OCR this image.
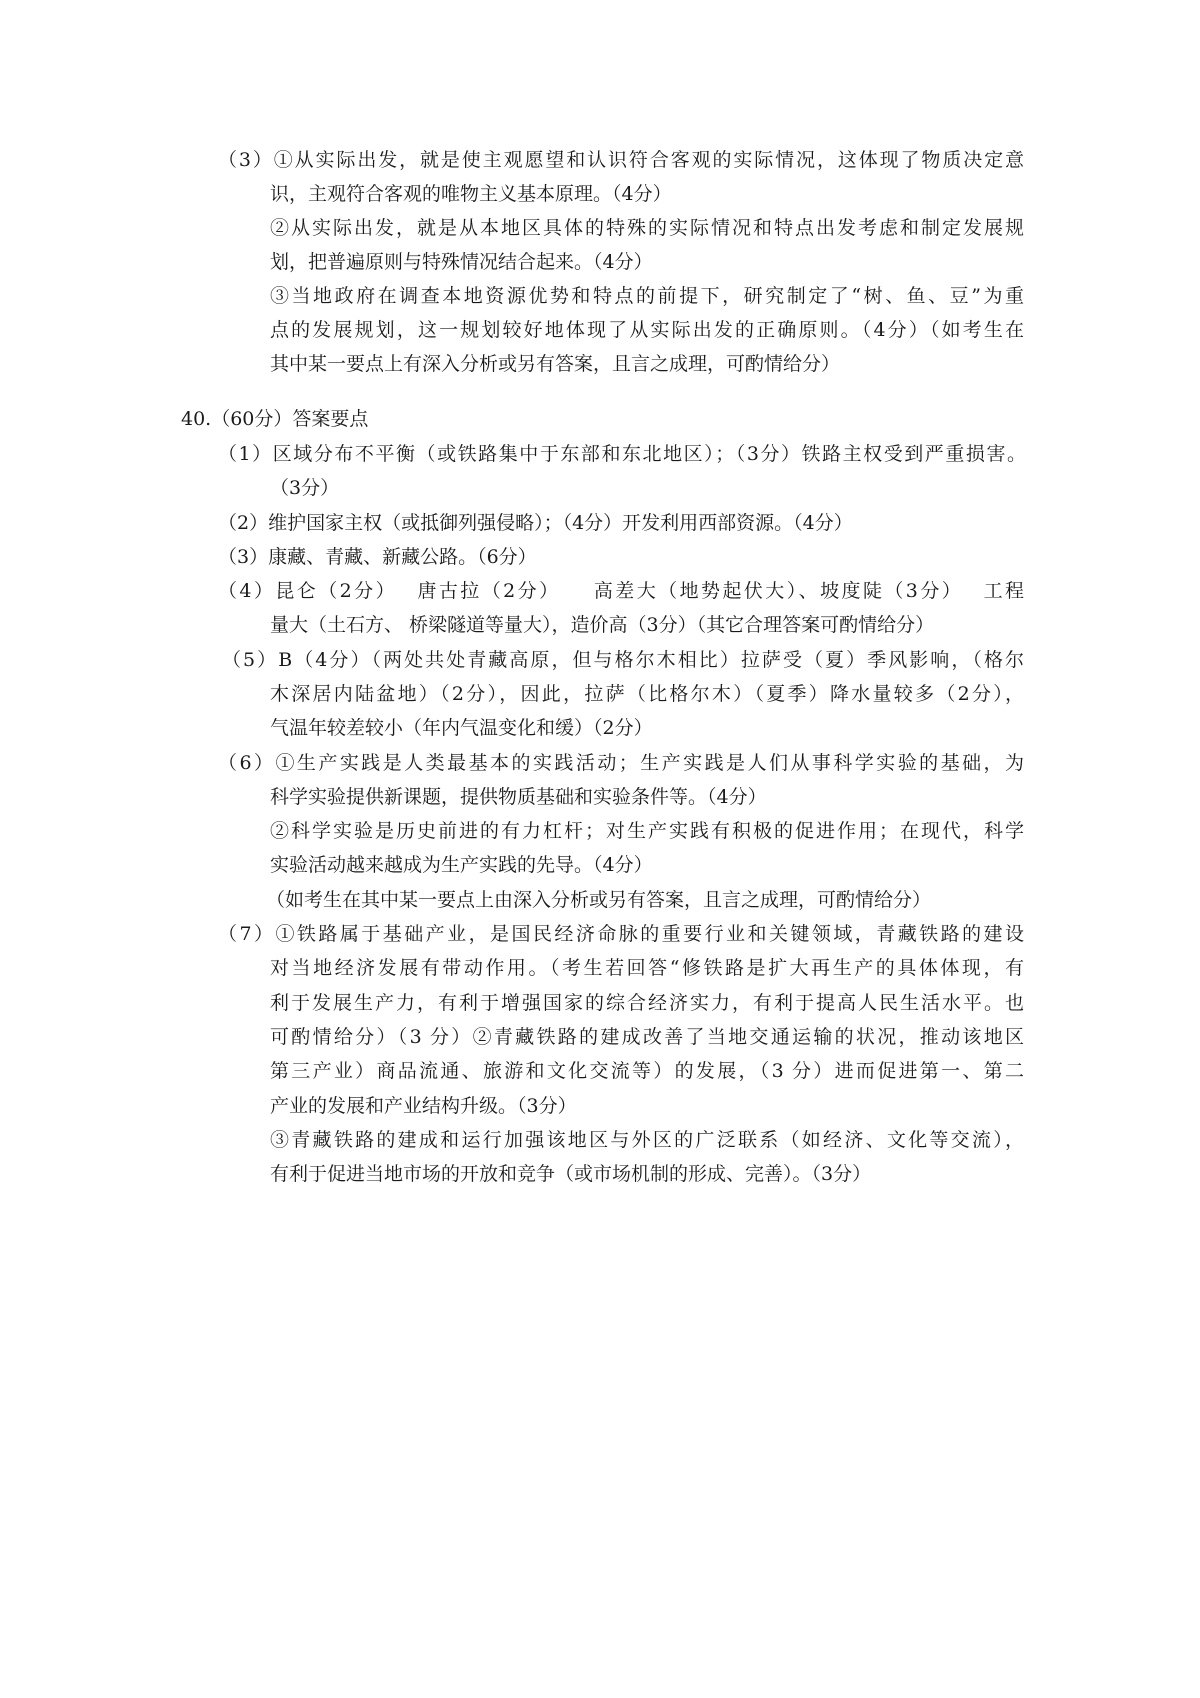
（3）①从实际出发，就是使主观愿望和认识符合客观的实际情况，这体现了物质决定意
识，主观符合客观的唯物主义基本原理。（4分）
②从实际出发，就是从本地区具体的特殊的实际情况和特点出发考虑和制定发展规
划，把普遍原则与特殊情况结合起来。（4分）
③当地政府在调查本地资源优势和特点的前提下，研究制定了“树、鱼、豆”为重
点的发展规划，这一规划较好地体现了从实际出发的正确原则。（4分）（如考生在
其中某一要点上有深入分析或另有答案，且言之成理，可酌情给分）
40.（60分）答案要点
（1）区域分布不平衡（或铁路集中于东部和东北地区）；（3分）铁路主权受到严重损害。
（3分）
（2）维护国家主权（或抵御列强侵略）；（4分）开发利用西部资源。（4分）
（3）康藏、青藏、新藏公路。（6分）
（4）昆仑（2分）　 唐古拉（2分）　　高差大（地势起伏大）、坡度陡（3分）　 工程
量大（土石方、 桥梁隧道等量大），造价高（3分）（其它合理答案可酌情给分）
（5）B（4分）（两处共处青藏高原，但与格尔木相比）拉萨受（夏）季风影响，（格尔
木深居内陆盆地）（2分），因此，拉萨（比格尔木）（夏季）降水量较多（2分），
气温年较差较小（年内气温变化和缓）（2分）
（6）①生产实践是人类最基本的实践活动；生产实践是人们从事科学实验的基础，为
科学实验提供新课题，提供物质基础和实验条件等。（4分）
②科学实验是历史前进的有力杠杆；对生产实践有积极的促进作用；在现代，科学
实验活动越来越成为生产实践的先导。（4分）
（如考生在其中某一要点上由深入分析或另有答案，且言之成理，可酌情给分）
（7）①铁路属于基础产业，是国民经济命脉的重要行业和关键领域，青藏铁路的建设
对当地经济发展有带动作用。（考生若回答“修铁路是扩大再生产的具体体现，有
利于发展生产力，有利于增强国家的综合经济实力，有利于提高人民生活水平。也
可酌情给分）（3 分）②青藏铁路的建成改善了当地交通运输的状况，推动该地区
第三产业）商品流通、旅游和文化交流等）的发展，（3 分）进而促进第一、第二
产业的发展和产业结构升级。（3分）
③青藏铁路的建成和运行加强该地区与外区的广泛联系（如经济、文化等交流），
有利于促进当地市场的开放和竞争（或市场机制的形成、完善）。（3分）
